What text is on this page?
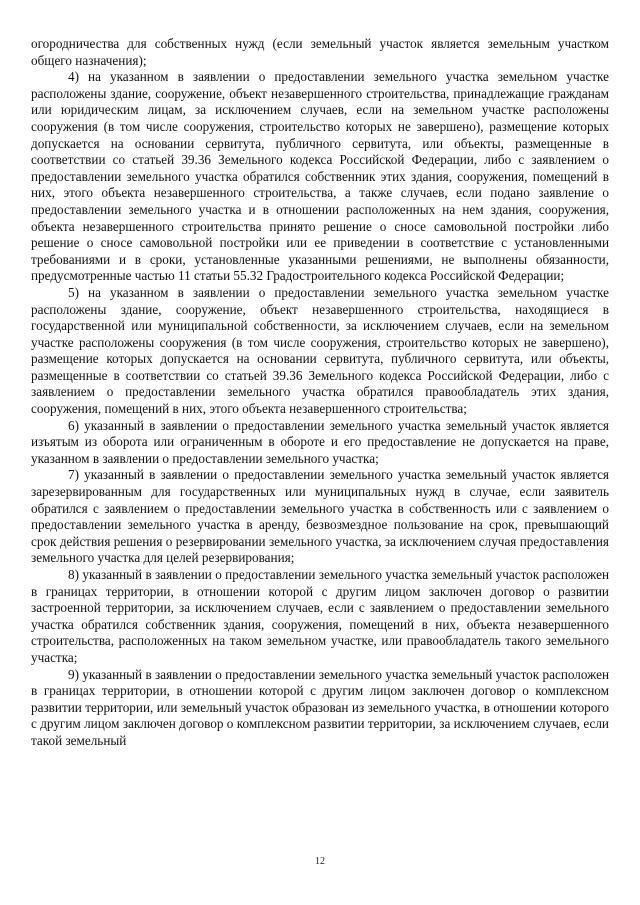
огородничества для собственных нужд (если земельный участок является земельным участком общего назначения);

4) на указанном в заявлении о предоставлении земельного участка земельном участке расположены здание, сооружение, объект незавершенного строительства, принадлежащие гражданам или юридическим лицам, за исключением случаев, если на земельном участке расположены сооружения (в том числе сооружения, строительство которых не завершено), размещение которых допускается на основании сервитута, публичного сервитута, или объекты, размещенные в соответствии со статьей 39.36 Земельного кодекса Российской Федерации, либо с заявлением о предоставлении земельного участка обратился собственник этих здания, сооружения, помещений в них, этого объекта незавершенного строительства, а также случаев, если подано заявление о предоставлении земельного участка и в отношении расположенных на нем здания, сооружения, объекта незавершенного строительства принято решение о сносе самовольной постройки либо решение о сносе самовольной постройки или ее приведении в соответствие с установленными требованиями и в сроки, установленные указанными решениями, не выполнены обязанности, предусмотренные частью 11 статьи 55.32 Градостроительного кодекса Российской Федерации;

5) на указанном в заявлении о предоставлении земельного участка земельном участке расположены здание, сооружение, объект незавершенного строительства, находящиеся в государственной или муниципальной собственности, за исключением случаев, если на земельном участке расположены сооружения (в том числе сооружения, строительство которых не завершено), размещение которых допускается на основании сервитута, публичного сервитута, или объекты, размещенные в соответствии со статьей 39.36 Земельного кодекса Российской Федерации, либо с заявлением о предоставлении земельного участка обратился правообладатель этих здания, сооружения, помещений в них, этого объекта незавершенного строительства;

6) указанный в заявлении о предоставлении земельного участка земельный участок является изъятым из оборота или ограниченным в обороте и его предоставление не допускается на праве, указанном в заявлении о предоставлении земельного участка;

7) указанный в заявлении о предоставлении земельного участка земельный участок является зарезервированным для государственных или муниципальных нужд в случае, если заявитель обратился с заявлением о предоставлении земельного участка в собственность или с заявлением о предоставлении земельного участка в аренду, безвозмездное пользование на срок, превышающий срок действия решения о резервировании земельного участка, за исключением случая предоставления земельного участка для целей резервирования;

8) указанный в заявлении о предоставлении земельного участка земельный участок расположен в границах территории, в отношении которой с другим лицом заключен договор о развитии застроенной территории, за исключением случаев, если с заявлением о предоставлении земельного участка обратился собственник здания, сооружения, помещений в них, объекта незавершенного строительства, расположенных на таком земельном участке, или правообладатель такого земельного участка;

9) указанный в заявлении о предоставлении земельного участка земельный участок расположен в границах территории, в отношении которой с другим лицом заключен договор о комплексном развитии территории, или земельный участок образован из земельного участка, в отношении которого с другим лицом заключен договор о комплексном развитии территории, за исключением случаев, если такой земельный

12
